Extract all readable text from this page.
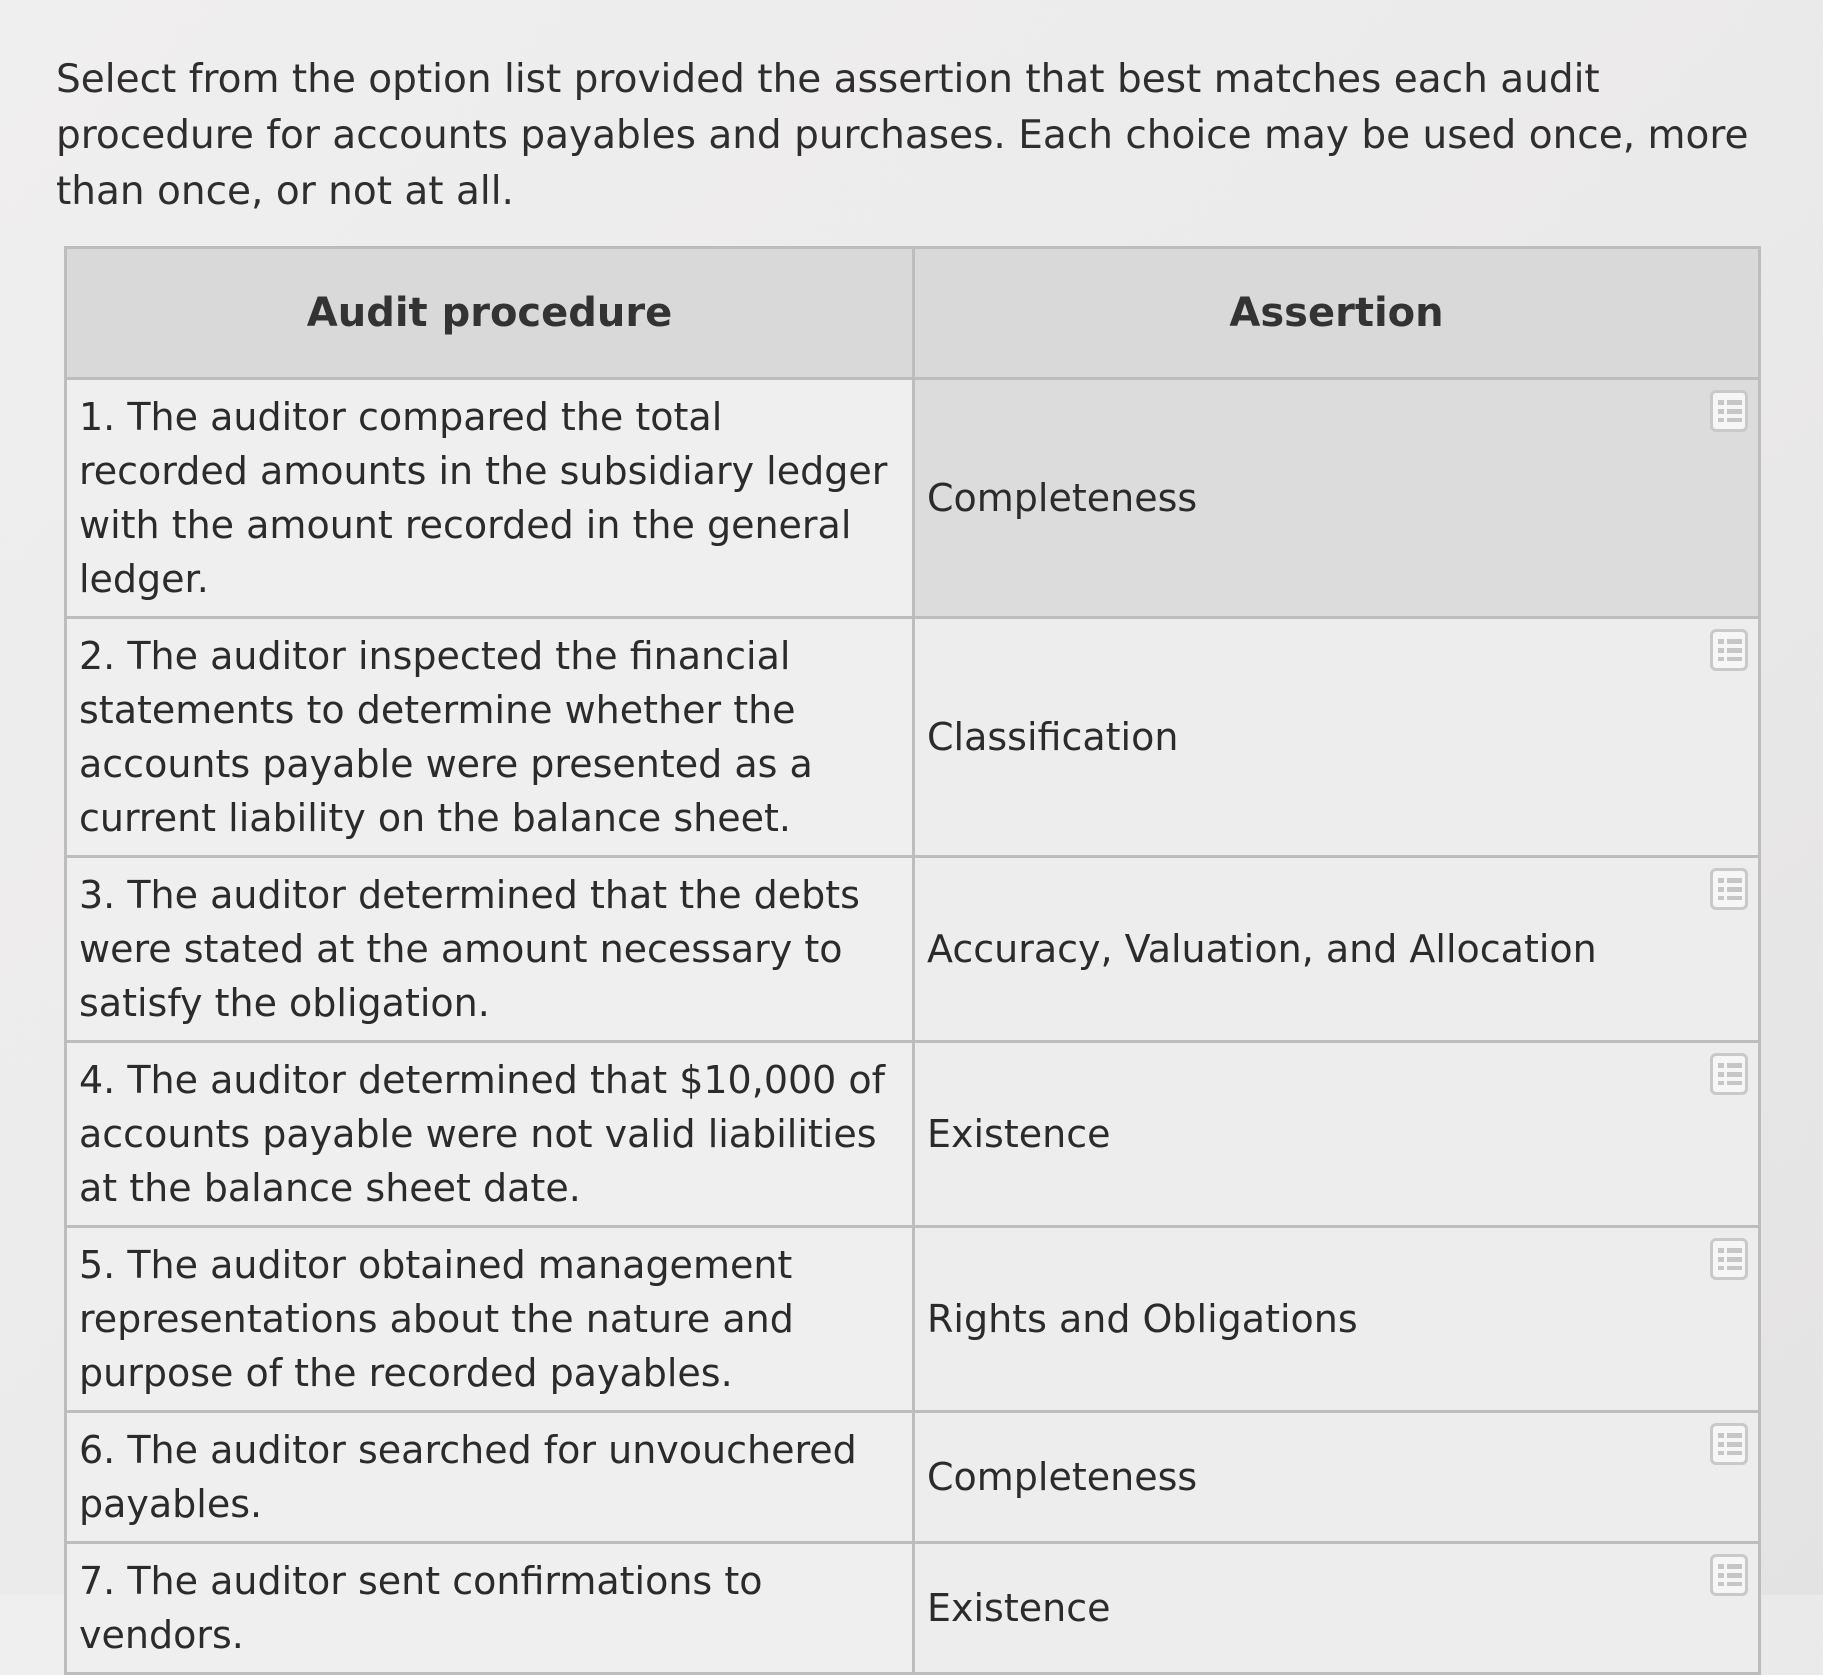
Select from the option list provided the assertion that best matches each audit procedure for accounts payables and purchases. Each choice may be used once, more than once, or not at all.

Audit procedure	Assertion
1. The auditor compared the total recorded amounts in the subsidiary ledger with the amount recorded in the general ledger.	Completeness

2. The auditor inspected the financial statements to determine whether the accounts payable were presented as a current liability on the balance sheet.	Classification

3. The auditor determined that the debts were stated at the amount necessary to satisfy the obligation.	Accuracy, Valuation, and Allocation

4. The auditor determined that $10,000 of accounts payable were not valid liabilities at the balance sheet date.	Existence

5. The auditor obtained management representations about the nature and purpose of the recorded payables.	Rights and Obligations

6. The auditor searched for unvouchered payables.	Completeness

7. The auditor sent confirmations to vendors.	Existence
